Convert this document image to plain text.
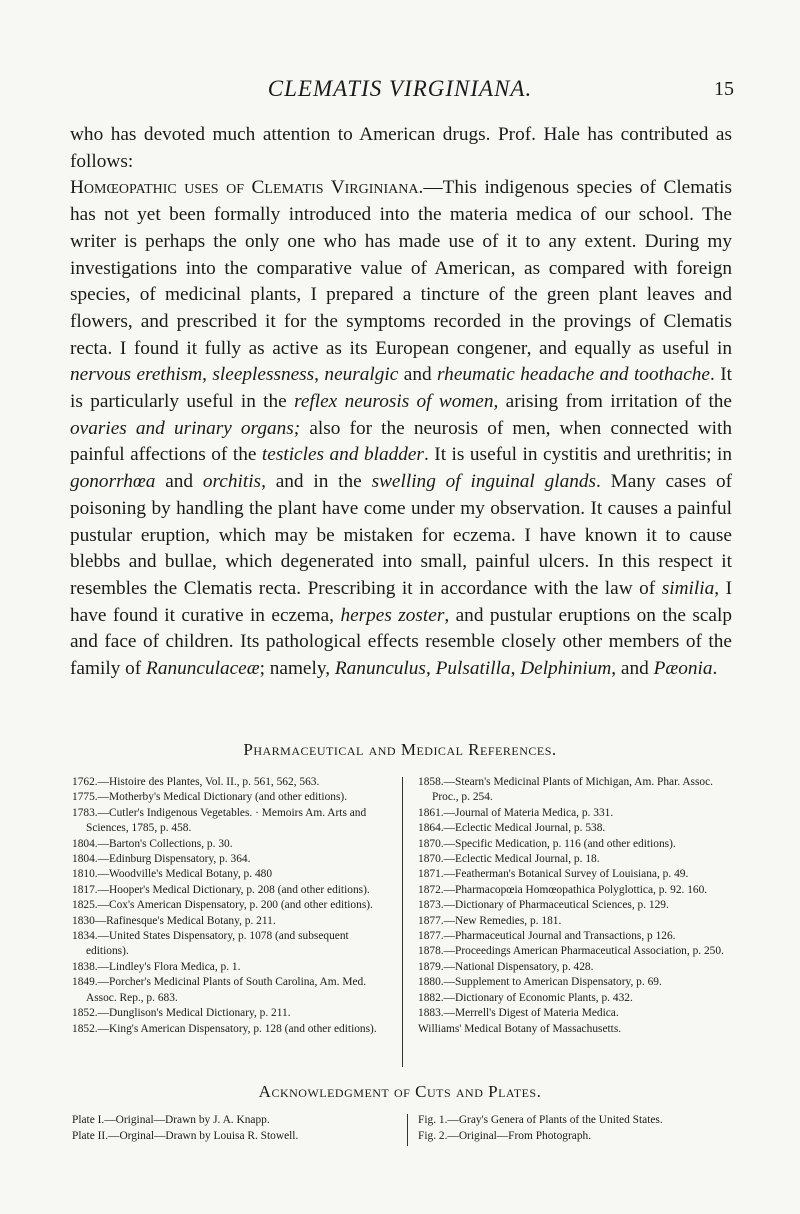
CLEMATIS VIRGINIANA.	15

who has devoted much attention to American drugs. Prof. Hale has contributed as follows:

Homœopathic uses of Clematis Virginiana.—This indigenous species of Clematis has not yet been formally introduced into the materia medica of our school. The writer is perhaps the only one who has made use of it to any extent. During my investigations into the comparative value of American, as compared with foreign species, of medicinal plants, I prepared a tincture of the green plant leaves and flowers, and prescribed it for the symptoms recorded in the provings of Clematis recta. I found it fully as active as its European congener, and equally as useful in nervous erethism, sleeplessness, neuralgic and rheumatic headache and toothache. It is particularly useful in the reflex neurosis of women, arising from irritation of the ovaries and urinary organs; also for the neurosis of men, when connected with painful affections of the testicles and bladder. It is useful in cystitis and urethritis; in gonorrhœa and orchitis, and in the swelling of inguinal glands. Many cases of poisoning by handling the plant have come under my observation. It causes a painful pustular eruption, which may be mistaken for eczema. I have known it to cause blebbs and bullae, which degenerated into small, painful ulcers. In this respect it resembles the Clematis recta. Prescribing it in accordance with the law of similia, I have found it curative in eczema, herpes zoster, and pustular eruptions on the scalp and face of children. Its pathological effects resemble closely other members of the family of Ranunculaceæ; namely, Ranunculus, Pulsatilla, Delphinium, and Pæonia.

Pharmaceutical and Medical References.

1762.—Histoire des Plantes, Vol. II., p. 561, 562, 563.

1775.—Motherby's Medical Dictionary (and other editions).

1783.—Cutler's Indigenous Vegetables. · Memoirs Am. Arts and Sciences, 1785, p. 458.

1804.—Barton's Collections, p. 30.

1804.—Edinburg Dispensatory, p. 364.

1810.—Woodville's Medical Botany, p. 480

1817.—Hooper's Medical Dictionary, p. 208 (and other editions).

1825.—Cox's American Dispensatory, p. 200 (and other editions).

1830—Rafinesque's Medical Botany, p. 211.

1834.—United States Dispensatory, p. 1078 (and subsequent editions).

1838.—Lindley's Flora Medica, p. 1.

1849.—Porcher's Medicinal Plants of South Carolina, Am. Med. Assoc. Rep., p. 683.

1852.—Dunglison's Medical Dictionary, p. 211.

1852.—King's American Dispensatory, p. 128 (and other editions).

1858.—Stearn's Medicinal Plants of Michigan, Am. Phar. Assoc. Proc., p. 254.

1861.—Journal of Materia Medica, p. 331.

1864.—Eclectic Medical Journal, p. 538.

1870.—Specific Medication, p. 116 (and other editions).

1870.—Eclectic Medical Journal, p. 18.

1871.—Featherman's Botanical Survey of Louisiana, p. 49.

1872.—Pharmacopœia Homœopathica Polyglottica, p. 92. 160.

1873.—Dictionary of Pharmaceutical Sciences, p. 129.

1877.—New Remedies, p. 181.

1877.—Pharmaceutical Journal and Transactions, p 126.

1878.—Proceedings American Pharmaceutical Association, p. 250.

1879.—National Dispensatory, p. 428.

1880.—Supplement to American Dispensatory, p. 69.

1882.—Dictionary of Economic Plants, p. 432.

1883.—Merrell's Digest of Materia Medica.

Williams' Medical Botany of Massachusetts.

Acknowledgment of Cuts and Plates.

Plate I.—Original—Drawn by J. A. Knapp.

Plate II.—Orginal—Drawn by Louisa R. Stowell.

Fig. 1.—Gray's Genera of Plants of the United States.

Fig. 2.—Original—From Photograph.
